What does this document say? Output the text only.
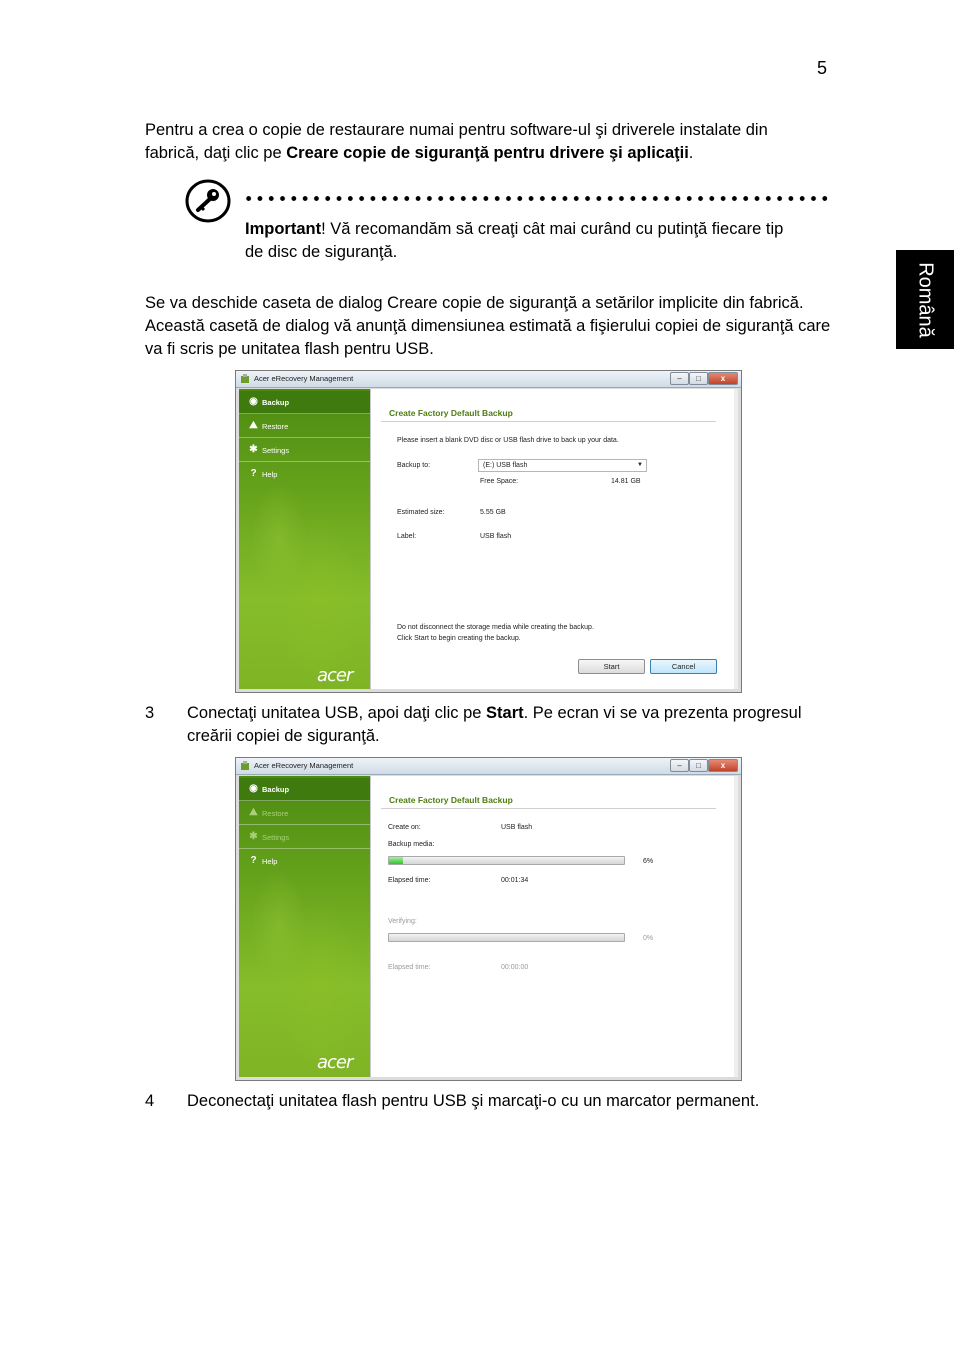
5
Română

Pentru a crea o copie de restaurare numai pentru software-ul şi driverele instalate din fabrică, daţi clic pe Creare copie de siguranţă pentru drivere şi aplicaţii.

Important! Vă recomandăm să creaţi cât mai curând cu putinţă fiecare tip de disc de siguranţă.

Se va deschide caseta de dialog Creare copie de siguranţă a setărilor implicite din fabrică. Această casetă de dialog vă anunţă dimensiunea estimată a fişierului copiei de siguranţă care va fi scris pe unitatea flash pentru USB.

Acer eRecovery Management	–	□	x
◉ Backup
⛰ Restore
✱ Settings
? Help
acer
Create Factory Default Backup
Please insert a blank DVD disc or USB flash drive to back up your data.
Backup to:	(E:) USB flash	▼
Free Space:	14.81 GB
Estimated size:	5.55 GB
Label:	USB flash
Do not disconnect the storage media while creating the backup.
Click Start to begin creating the backup.
Start	Cancel
3 Conectaţi unitatea USB, apoi daţi clic pe Start. Pe ecran vi se va prezenta progresul creării copiei de siguranţă.

Acer eRecovery Management	–	□	x
◉ Backup
⛰ Restore
✱ Settings
? Help
acer
Create Factory Default Backup
Create on:	USB flash
Backup media:
6%
Elapsed time:	00:01:34
Verifying:
0%
Elapsed time:	00:00:00
4 Deconectaţi unitatea flash pentru USB şi marcaţi-o cu un marcator permanent.
